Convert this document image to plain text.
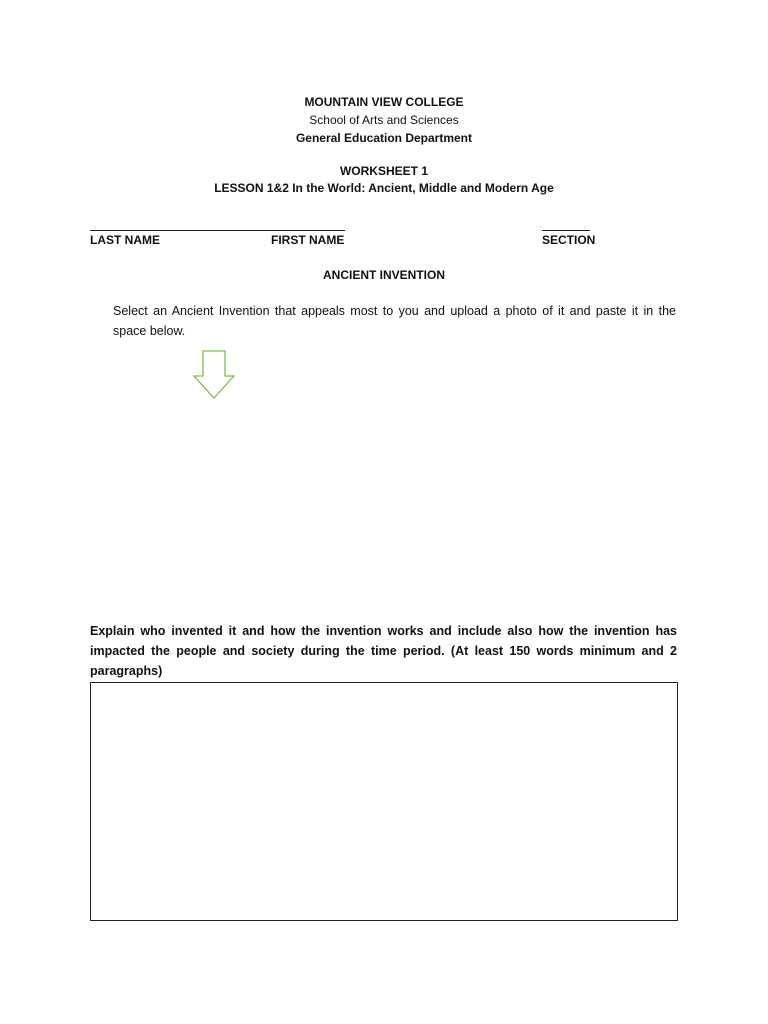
MOUNTAIN VIEW COLLEGE
School of Arts and Sciences
General Education Department
WORKSHEET 1
LESSON 1&2 In the World: Ancient, Middle and Modern Age
LAST NAME	FIRST NAME	SECTION
ANCIENT INVENTION
Select an Ancient Invention that appeals most to you and upload a photo of it and paste it in the space below.
Explain who invented it and how the invention works and include also how the invention has impacted the people and society during the time period. (At least 150 words minimum and 2 paragraphs)
